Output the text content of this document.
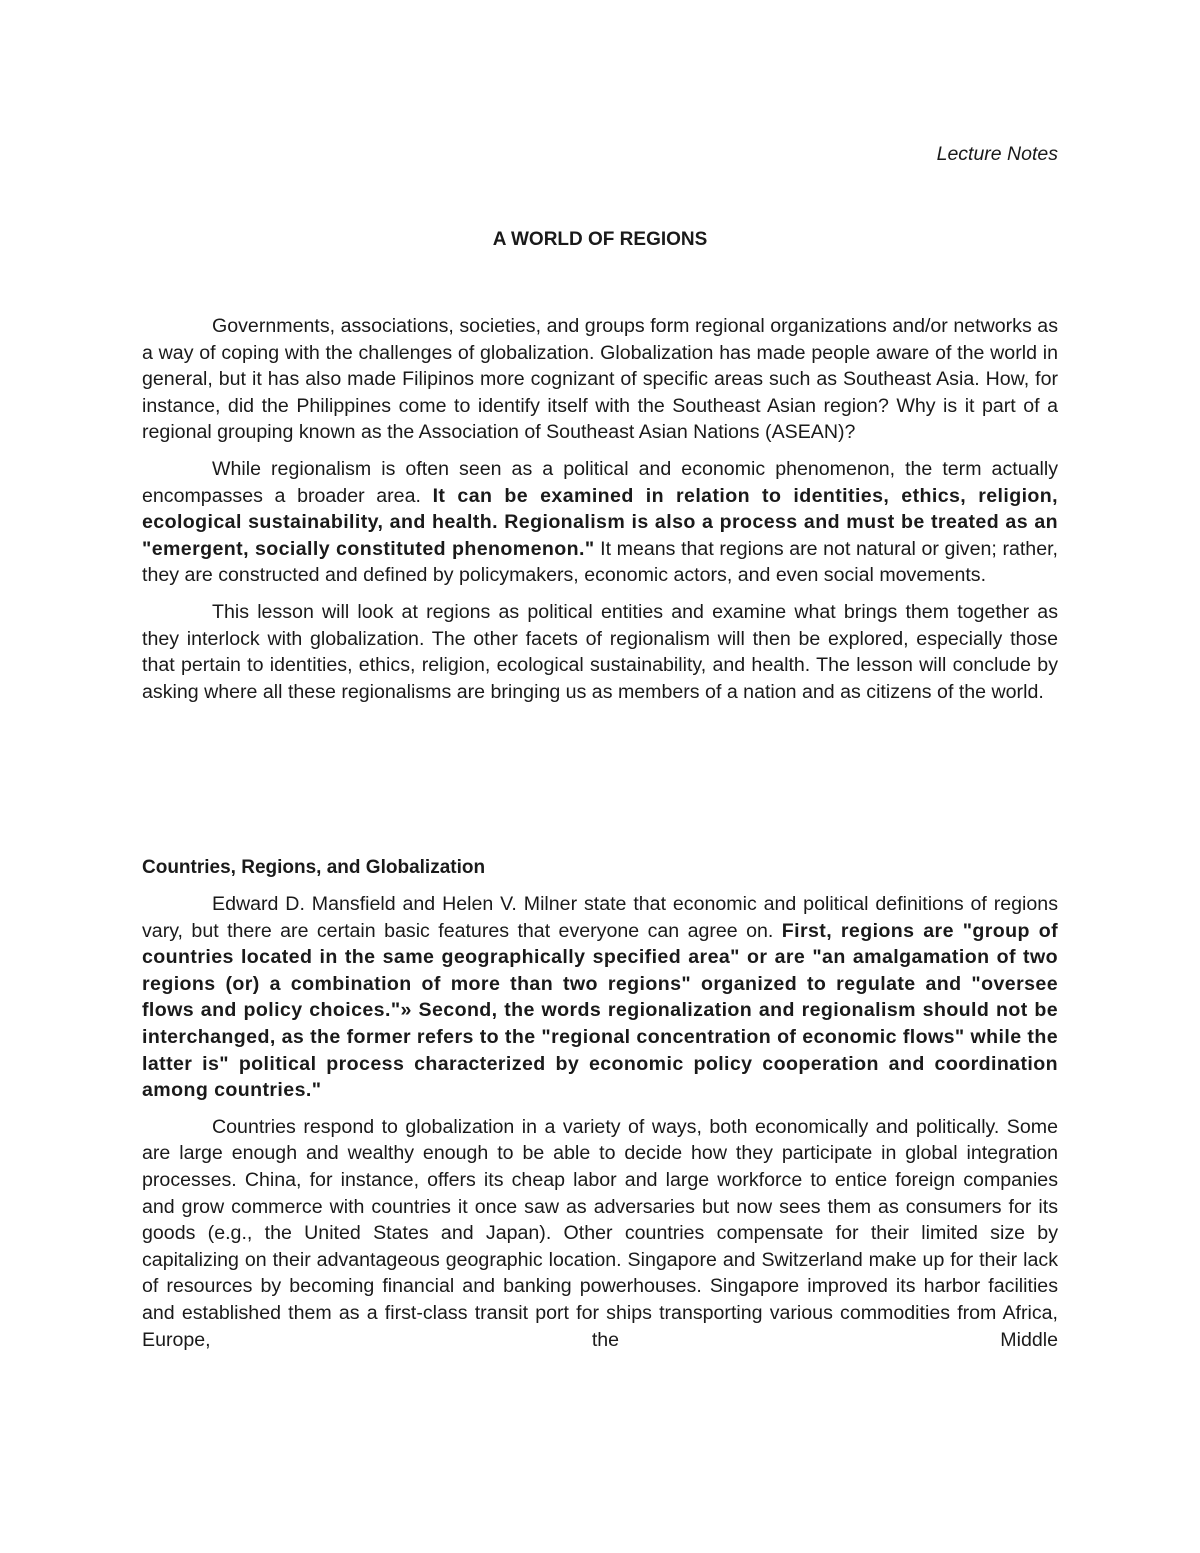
Lecture Notes

A WORLD OF REGIONS

Governments, associations, societies, and groups form regional organizations and/or networks as a way of coping with the challenges of globalization. Globalization has made people aware of the world in general, but it has also made Filipinos more cognizant of specific areas such as Southeast Asia. How, for instance, did the Philippines come to identify itself with the Southeast Asian region? Why is it part of a regional grouping known as the Association of Southeast Asian Nations (ASEAN)?

While regionalism is often seen as a political and economic phenomenon, the term actually encompasses a broader area. It can be examined in relation to identities, ethics, religion, ecological sustainability, and health. Regionalism is also a process and must be treated as an "emergent, socially constituted phenomenon." It means that regions are not natural or given; rather, they are constructed and defined by policymakers, economic actors, and even social movements.

This lesson will look at regions as political entities and examine what brings them together as they interlock with globalization. The other facets of regionalism will then be explored, especially those that pertain to identities, ethics, religion, ecological sustainability, and health. The lesson will conclude by asking where all these regionalisms are bringing us as members of a nation and as citizens of the world.

Countries, Regions, and Globalization

Edward D. Mansfield and Helen V. Milner state that economic and political definitions of regions vary, but there are certain basic features that everyone can agree on. First, regions are "group of countries located in the same geographically specified area" or are "an amalgamation of two regions (or) a combination of more than two regions" organized to regulate and "oversee flows and policy choices."» Second, the words regionalization and regionalism should not be interchanged, as the former refers to the "regional concentration of economic flows" while the latter is" political process characterized by economic policy cooperation and coordination among countries."

Countries respond to globalization in a variety of ways, both economically and politically. Some are large enough and wealthy enough to be able to decide how they participate in global integration processes. China, for instance, offers its cheap labor and large workforce to entice foreign companies and grow commerce with countries it once saw as adversaries but now sees them as consumers for its goods (e.g., the United States and Japan). Other countries compensate for their limited size by capitalizing on their advantageous geographic location. Singapore and Switzerland make up for their lack of resources by becoming financial and banking powerhouses. Singapore improved its harbor facilities and established them as a first-class transit port for ships transporting various commodities from Africa, Europe, the Middle
